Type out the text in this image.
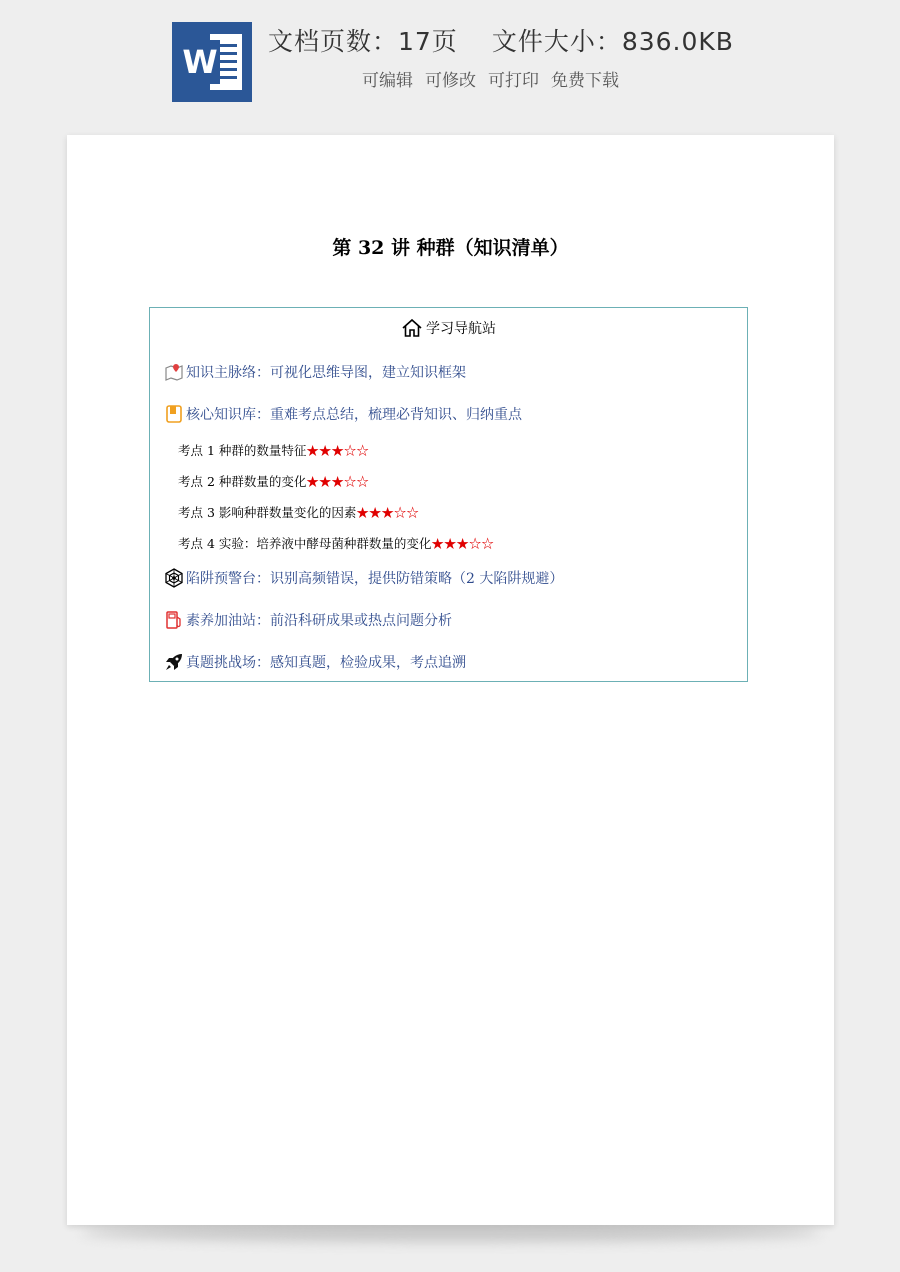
W
文档页数：17页 文件大小：836.0KB
可编辑 可修改 可打印 免费下载
第 32 讲 种群（知识清单）
学习导航站
知识主脉络：可视化思维导图，建立知识框架
核心知识库：重难考点总结，梳理必背知识、归纳重点
考点 1 种群的数量特征★★★☆☆
考点 2 种群数量的变化★★★☆☆
考点 3 影响种群数量变化的因素★★★☆☆
考点 4 实验：培养液中酵母菌种群数量的变化★★★☆☆
陷阱预警台：识别高频错误，提供防错策略（2 大陷阱规避）
素养加油站：前沿科研成果或热点问题分析
真题挑战场：感知真题，检验成果，考点追溯
